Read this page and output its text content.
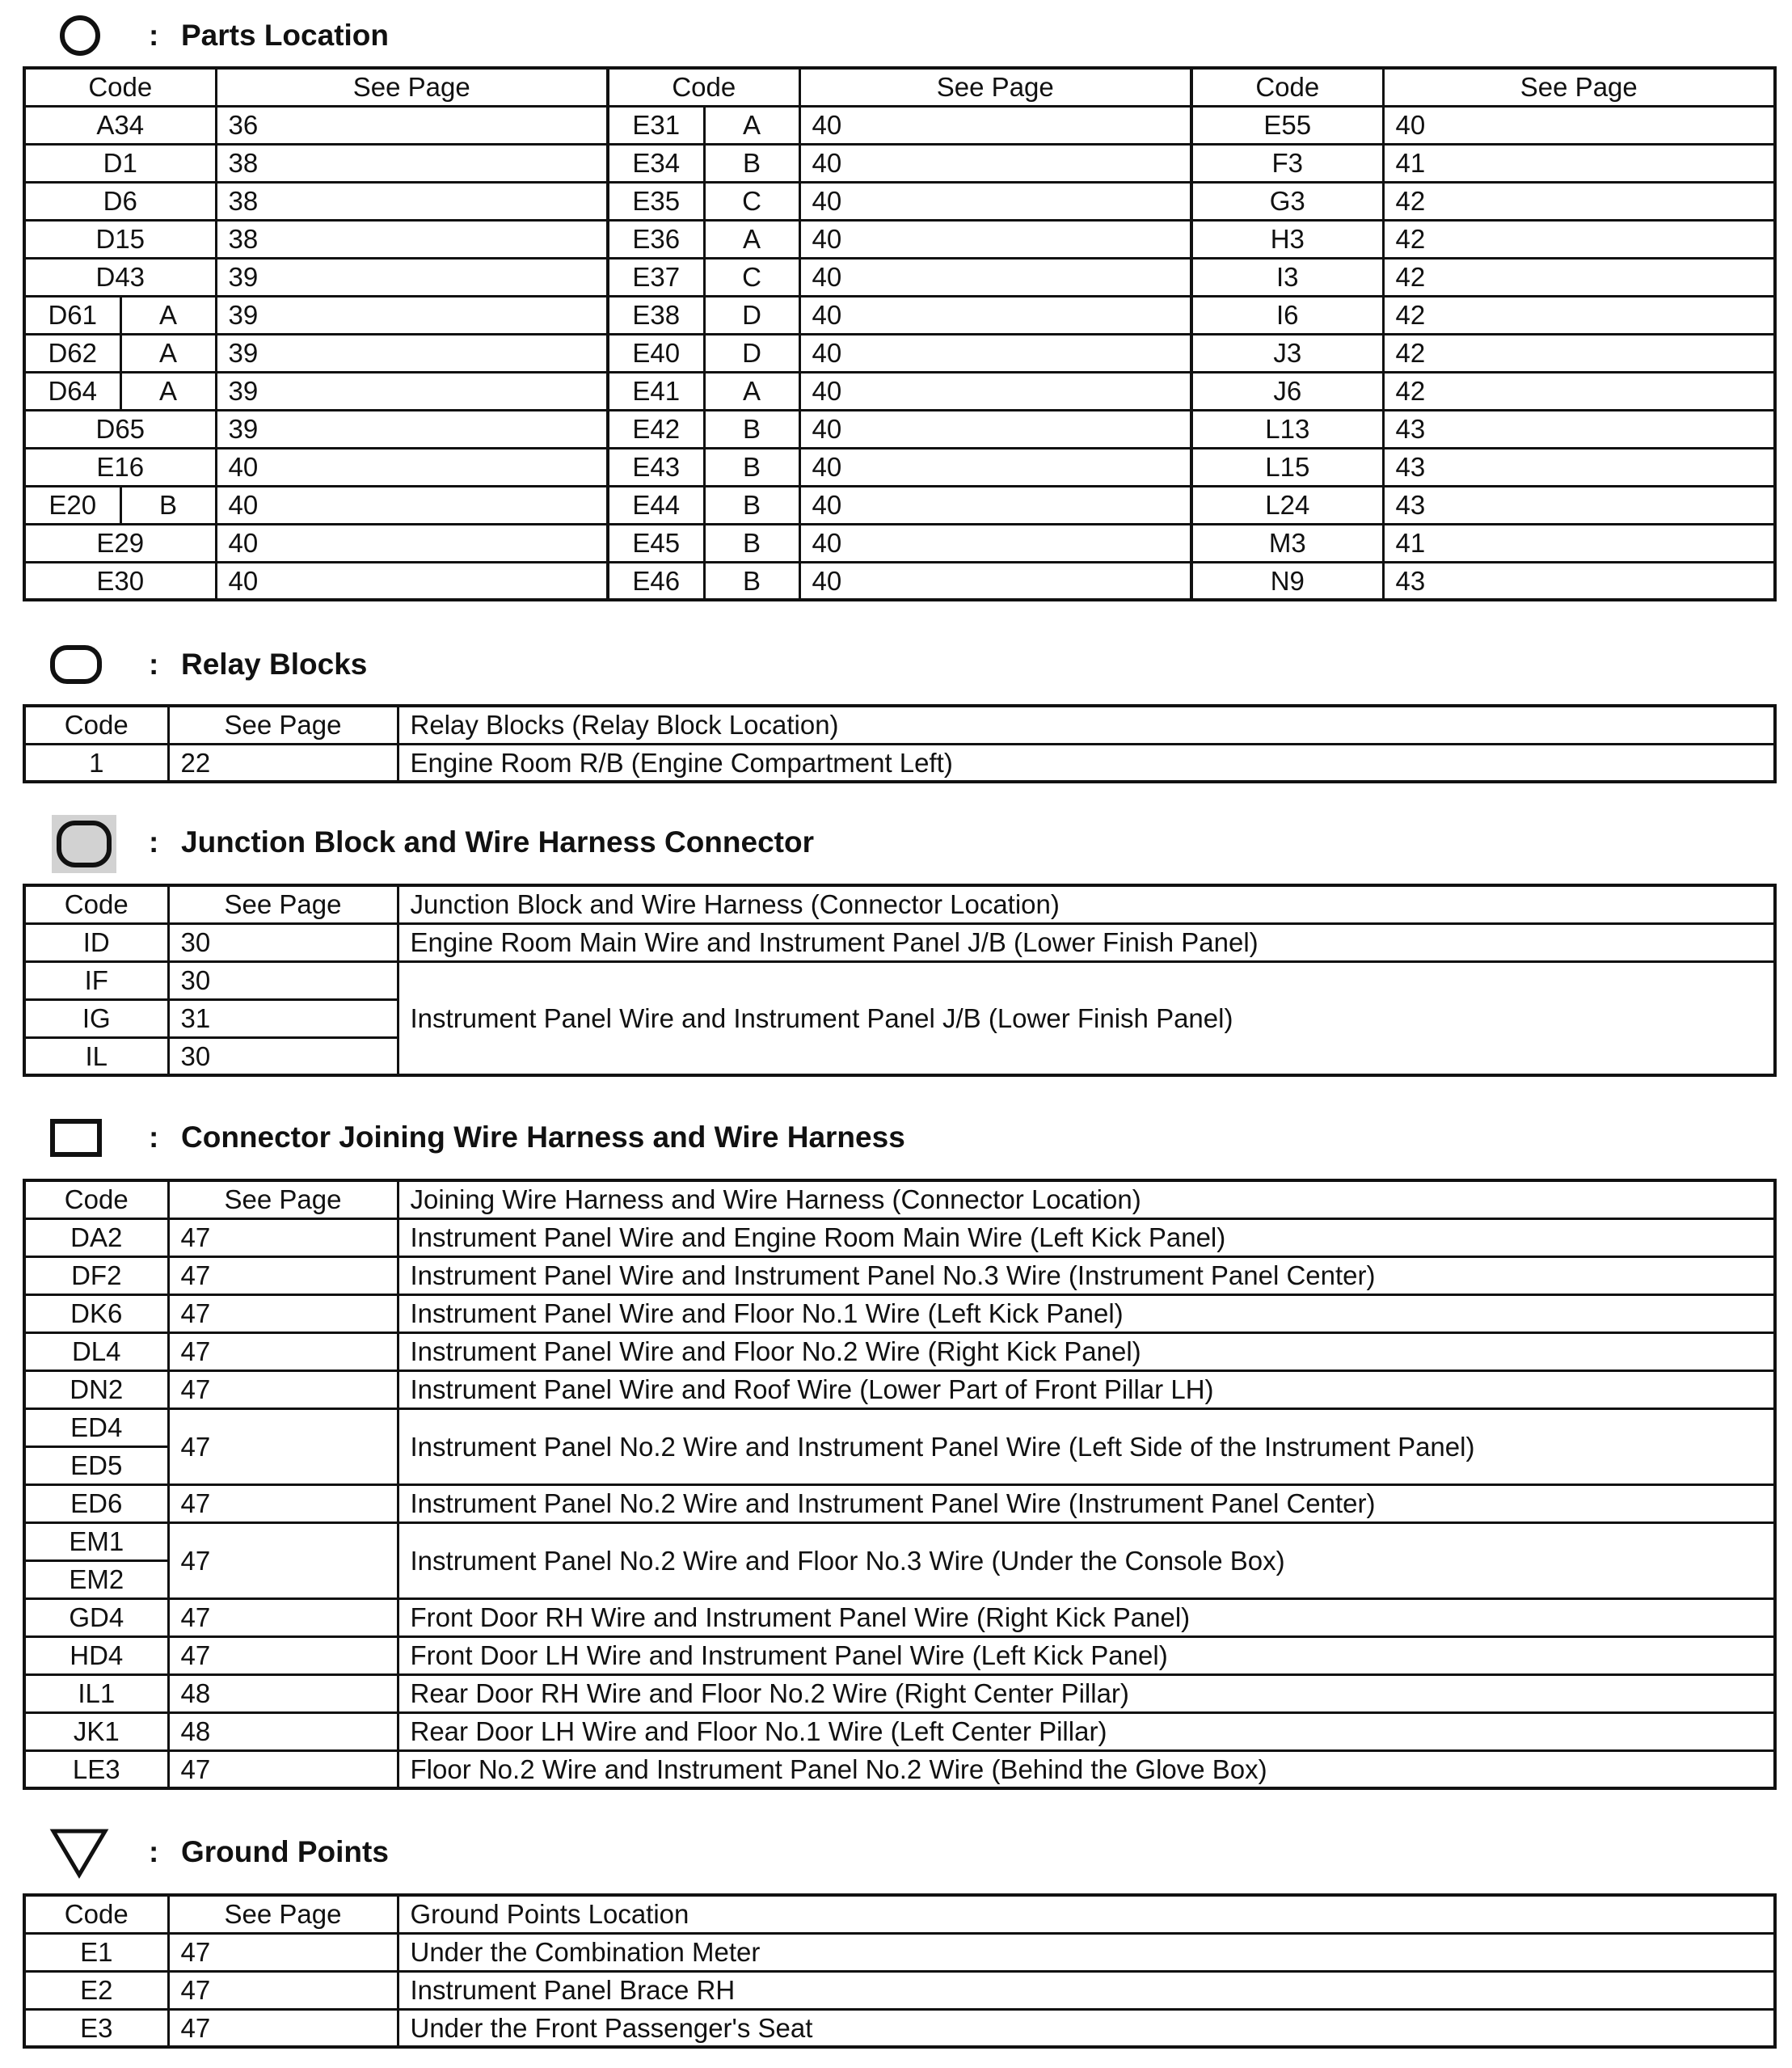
: Parts Location
Code		See Page	Code		See Page	Code	See Page
A34		36	E31	A	40	E55	40
D1		38	E34	B	40	F3	41
D6		38	E35	C	40	G3	42
D15		38	E36	A	40	H3	42
D43		39	E37	C	40	I3	42
D61	A	39	E38	D	40	I6	42
D62	A	39	E40	D	40	J3	42
D64	A	39	E41	A	40	J6	42
D65		39	E42	B	40	L13	43
E16		40	E43	B	40	L15	43
E20	B	40	E44	B	40	L24	43
E29		40	E45	B	40	M3	41
E30		40	E46	B	40	N9	43
: Relay Blocks
Code	See Page	Relay Blocks (Relay Block Location)
1	22	Engine Room R/B (Engine Compartment Left)
: Junction Block and Wire Harness Connector
Code	See Page	Junction Block and Wire Harness (Connector Location)
ID	30	Engine Room Main Wire and Instrument Panel J/B (Lower Finish Panel)
IF	30	Instrument Panel Wire and Instrument Panel J/B (Lower Finish Panel)
IG	31	
IL	30	
: Connector Joining Wire Harness and Wire Harness
Code	See Page	Joining Wire Harness and Wire Harness (Connector Location)
DA2	47	Instrument Panel Wire and Engine Room Main Wire (Left Kick Panel)
DF2	47	Instrument Panel Wire and Instrument Panel No.3 Wire (Instrument Panel Center)
DK6	47	Instrument Panel Wire and Floor No.1 Wire (Left Kick Panel)
DL4	47	Instrument Panel Wire and Floor No.2 Wire (Right Kick Panel)
DN2	47	Instrument Panel Wire and Roof Wire (Lower Part of Front Pillar LH)
ED4	47	Instrument Panel No.2 Wire and Instrument Panel Wire (Left Side of the Instrument Panel)
ED5		
ED6	47	Instrument Panel No.2 Wire and Instrument Panel Wire (Instrument Panel Center)
EM1	47	Instrument Panel No.2 Wire and Floor No.3 Wire (Under the Console Box)
EM2		
GD4	47	Front Door RH Wire and Instrument Panel Wire (Right Kick Panel)
HD4	47	Front Door LH Wire and Instrument Panel Wire (Left Kick Panel)
IL1	48	Rear Door RH Wire and Floor No.2 Wire (Right Center Pillar)
JK1	48	Rear Door LH Wire and Floor No.1 Wire (Left Center Pillar)
LE3	47	Floor No.2 Wire and Instrument Panel No.2 Wire (Behind the Glove Box)
: Ground Points
Code	See Page	Ground Points Location
E1	47	Under the Combination Meter
E2	47	Instrument Panel Brace RH
E3	47	Under the Front Passenger's Seat
